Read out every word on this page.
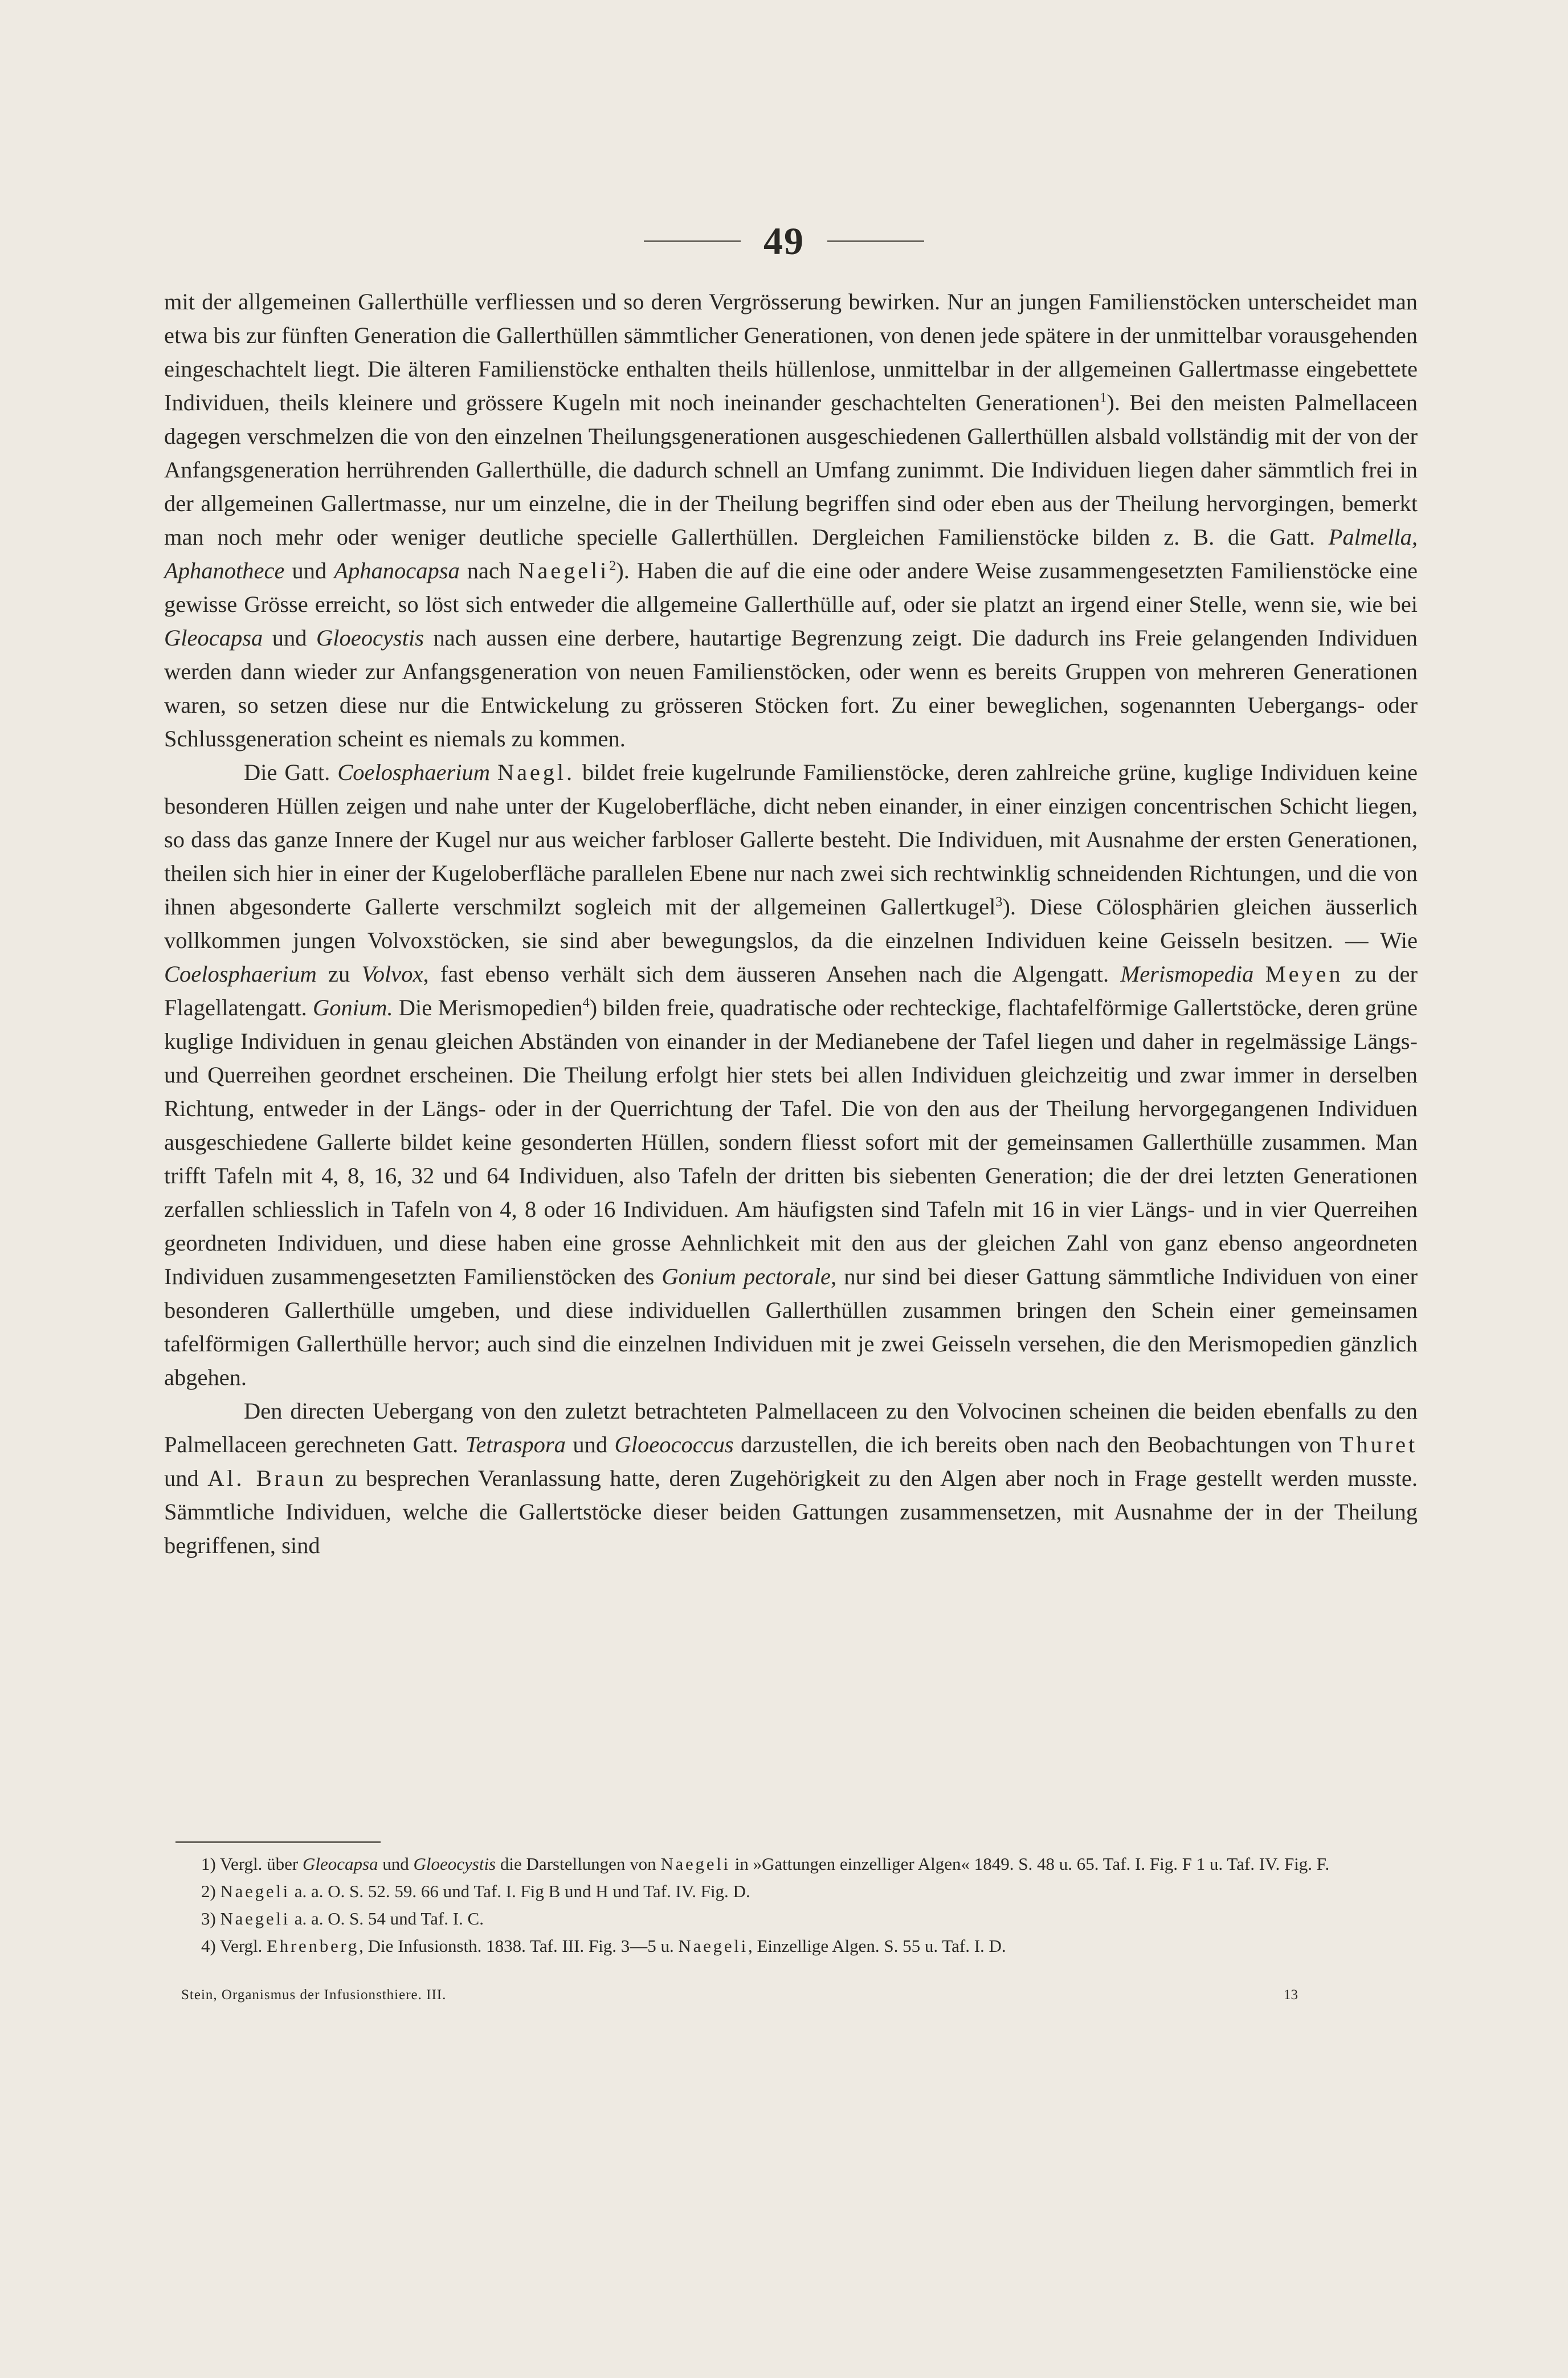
49

mit der allgemeinen Gallerthülle verfliessen und so deren Vergrösserung bewirken. Nur an jungen Familienstöcken unterscheidet man etwa bis zur fünften Generation die Gallerthüllen sämmtlicher Generationen, von denen jede spätere in der unmittelbar vorausgehenden eingeschachtelt liegt. Die älteren Familienstöcke enthalten theils hüllenlose, unmittelbar in der allgemeinen Gallertmasse eingebettete Individuen, theils kleinere und grössere Kugeln mit noch ineinander geschachtelten Generationen$^1$). Bei den meisten Palmellaceen dagegen verschmelzen die von den einzelnen Theilungsgenerationen ausgeschiedenen Gallerthüllen alsbald vollständig mit der von der Anfangsgeneration herrührenden Gallerthülle, die dadurch schnell an Umfang zunimmt. Die Individuen liegen daher sämmtlich frei in der allgemeinen Gallertmasse, nur um einzelne, die in der Theilung begriffen sind oder eben aus der Theilung hervorgingen, bemerkt man noch mehr oder weniger deutliche specielle Gallerthüllen. Dergleichen Familienstöcke bilden z. B. die Gatt. Palmella, Aphanothece und Aphanocapsa nach Naegeli$^2$). Haben die auf die eine oder andere Weise zusammengesetzten Familienstöcke eine gewisse Grösse erreicht, so löst sich entweder die allgemeine Gallerthülle auf, oder sie platzt an irgend einer Stelle, wenn sie, wie bei Gleocapsa und Gloeocystis nach aussen eine derbere, hautartige Begrenzung zeigt. Die dadurch ins Freie gelangenden Individuen werden dann wieder zur Anfangsgeneration von neuen Familienstöcken, oder wenn es bereits Gruppen von mehreren Generationen waren, so setzen diese nur die Entwickelung zu grösseren Stöcken fort. Zu einer beweglichen, sogenannten Uebergangs- oder Schlussgeneration scheint es niemals zu kommen.

Die Gatt. Coelosphaerium Naegl. bildet freie kugelrunde Familienstöcke, deren zahlreiche grüne, kuglige Individuen keine besonderen Hüllen zeigen und nahe unter der Kugeloberfläche, dicht neben einander, in einer einzigen concentrischen Schicht liegen, so dass das ganze Innere der Kugel nur aus weicher farbloser Gallerte besteht. Die Individuen, mit Ausnahme der ersten Generationen, theilen sich hier in einer der Kugeloberfläche parallelen Ebene nur nach zwei sich rechtwinklig schneidenden Richtungen, und die von ihnen abgesonderte Gallerte verschmilzt sogleich mit der allgemeinen Gallertkugel$^3$). Diese Cölosphärien gleichen äusserlich vollkommen jungen Volvoxstöcken, sie sind aber bewegungslos, da die einzelnen Individuen keine Geisseln besitzen. — Wie Coelosphaerium zu Volvox, fast ebenso verhält sich dem äusseren Ansehen nach die Algengatt. Merismopedia Meyen zu der Flagellatengatt. Gonium. Die Merismopedien$^4$) bilden freie, quadratische oder rechteckige, flachtafelförmige Gallertstöcke, deren grüne kuglige Individuen in genau gleichen Abständen von einander in der Medianebene der Tafel liegen und daher in regelmässige Längs- und Querreihen geordnet erscheinen. Die Theilung erfolgt hier stets bei allen Individuen gleichzeitig und zwar immer in derselben Richtung, entweder in der Längs- oder in der Querrichtung der Tafel. Die von den aus der Theilung hervorgegangenen Individuen ausgeschiedene Gallerte bildet keine gesonderten Hüllen, sondern fliesst sofort mit der gemeinsamen Gallerthülle zusammen. Man trifft Tafeln mit 4, 8, 16, 32 und 64 Individuen, also Tafeln der dritten bis siebenten Generation; die der drei letzten Generationen zerfallen schliesslich in Tafeln von 4, 8 oder 16 Individuen. Am häufigsten sind Tafeln mit 16 in vier Längs- und in vier Querreihen geordneten Individuen, und diese haben eine grosse Aehnlichkeit mit den aus der gleichen Zahl von ganz ebenso angeordneten Individuen zusammengesetzten Familienstöcken des Gonium pectorale, nur sind bei dieser Gattung sämmtliche Individuen von einer besonderen Gallerthülle umgeben, und diese individuellen Gallerthüllen zusammen bringen den Schein einer gemeinsamen tafelförmigen Gallerthülle hervor; auch sind die einzelnen Individuen mit je zwei Geisseln versehen, die den Merismopedien gänzlich abgehen.

Den directen Uebergang von den zuletzt betrachteten Palmellaceen zu den Volvocinen scheinen die beiden ebenfalls zu den Palmellaceen gerechneten Gatt. Tetraspora und Gloeococcus darzustellen, die ich bereits oben nach den Beobachtungen von Thuret und Al. Braun zu besprechen Veranlassung hatte, deren Zugehörigkeit zu den Algen aber noch in Frage gestellt werden musste. Sämmtliche Individuen, welche die Gallertstöcke dieser beiden Gattungen zusammensetzen, mit Ausnahme der in der Theilung begriffenen, sind

1) Vergl. über Gleocapsa und Gloeocystis die Darstellungen von Naegeli in »Gattungen einzelliger Algen« 1849. S. 48 u. 65. Taf. I. Fig. F 1 u. Taf. IV. Fig. F.

2) Naegeli a. a. O. S. 52. 59. 66 und Taf. I. Fig B und H und Taf. IV. Fig. D.

3) Naegeli a. a. O. S. 54 und Taf. I. C.

4) Vergl. Ehrenberg, Die Infusionsth. 1838. Taf. III. Fig. 3—5 u. Naegeli, Einzellige Algen. S. 55 u. Taf. I. D.

Stein, Organismus der Infusionsthiere. III.	13
